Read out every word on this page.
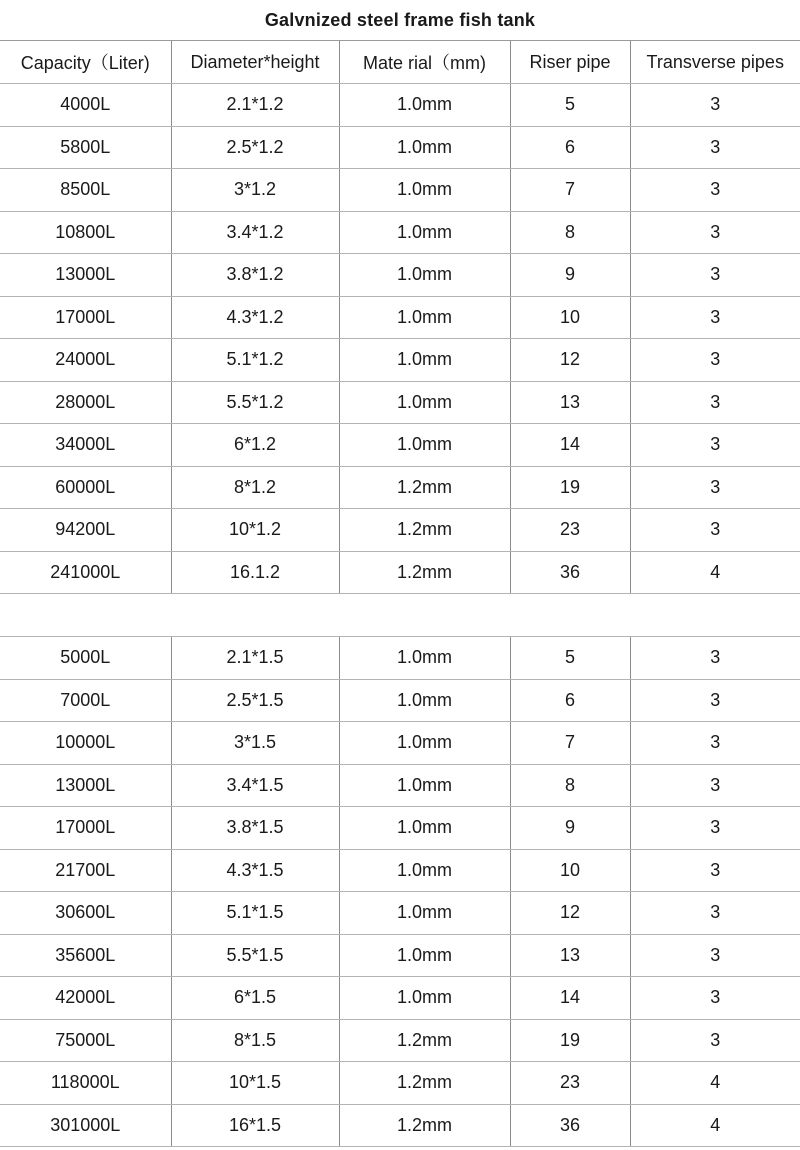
Galvnized steel frame fish tank
Capacity（Liter)	Diameter*height	Mate rial（mm)	Riser pipe	Transverse pipes
4000L	2.1*1.2	1.0mm	5	3
5800L	2.5*1.2	1.0mm	6	3
8500L	3*1.2	1.0mm	7	3
10800L	3.4*1.2	1.0mm	8	3
13000L	3.8*1.2	1.0mm	9	3
17000L	4.3*1.2	1.0mm	10	3
24000L	5.1*1.2	1.0mm	12	3
28000L	5.5*1.2	1.0mm	13	3
34000L	6*1.2	1.0mm	14	3
60000L	8*1.2	1.2mm	19	3
94200L	10*1.2	1.2mm	23	3
241000L	16.1.2	1.2mm	36	4

5000L	2.1*1.5	1.0mm	5	3
7000L	2.5*1.5	1.0mm	6	3
10000L	3*1.5	1.0mm	7	3
13000L	3.4*1.5	1.0mm	8	3
17000L	3.8*1.5	1.0mm	9	3
21700L	4.3*1.5	1.0mm	10	3
30600L	5.1*1.5	1.0mm	12	3
35600L	5.5*1.5	1.0mm	13	3
42000L	6*1.5	1.0mm	14	3
75000L	8*1.5	1.2mm	19	3
118000L	10*1.5	1.2mm	23	4
301000L	16*1.5	1.2mm	36	4
